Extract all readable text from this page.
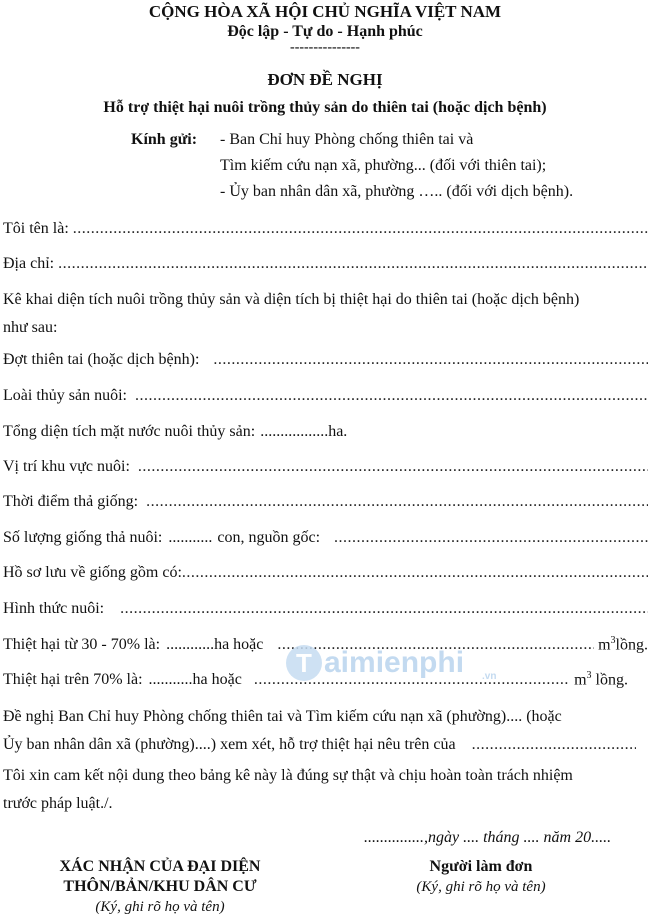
CỘNG HÒA XÃ HỘI CHỦ NGHĨA VIỆT NAM
Độc lập - Tự do - Hạnh phúc
---------------
ĐƠN ĐỀ NGHỊ
Hỗ trợ thiệt hại nuôi trồng thủy sản do thiên tai (hoặc dịch bệnh)
Kính gửi: - Ban Chỉ huy Phòng chống thiên tai và
Tìm kiếm cứu nạn xã, phường... (đối với thiên tai);
- Ủy ban nhân dân xã, phường ….. (đối với dịch bệnh).
Tôi tên là:
.....
Địa chỉ:
.....
Kê khai diện tích nuôi trồng thủy sản và diện tích bị thiệt hại do thiên tai (hoặc dịch bệnh)
như sau:
Đợt thiên tai (hoặc dịch bệnh):
.....
Loài thủy sản nuôi:
.....
Tổng diện tích mặt nước nuôi thủy sản: ................. ha.
Vị trí khu vực nuôi:
.....
Thời điểm thả giống:
.....
Số lượng giống thả nuôi: ........... con, nguồn gốc:
.....
Hồ sơ lưu về giống gồm có:
.....
Hình thức nuôi:
.....
Thiệt hại từ 30 - 70% là: ............ ha hoặc .....	$m^3lồng$.
Thiệt hại trên 70% là: ........... ha hoặc .....	$m^3$ lồng.
Đề nghị Ban Chỉ huy Phòng chống thiên tai và Tìm kiếm cứu nạn xã (phường).... (hoặc
Ủy ban nhân dân xã (phường)....) xem xét, hỗ trợ thiệt hại nêu trên của
.....
Tôi xin cam kết nội dung theo bảng kê này là đúng sự thật và chịu hoàn toàn trách nhiệm
trước pháp luật./.
...............,ngày .... tháng .... năm 20.....
XÁC NHẬN CỦA ĐẠI DIỆN
THÔN/BẢN/KHU DÂN CƯ
(Ký, ghi rõ họ và tên)
Người làm đơn
(Ký, ghi rõ họ và tên)
T aimienphi .vn
